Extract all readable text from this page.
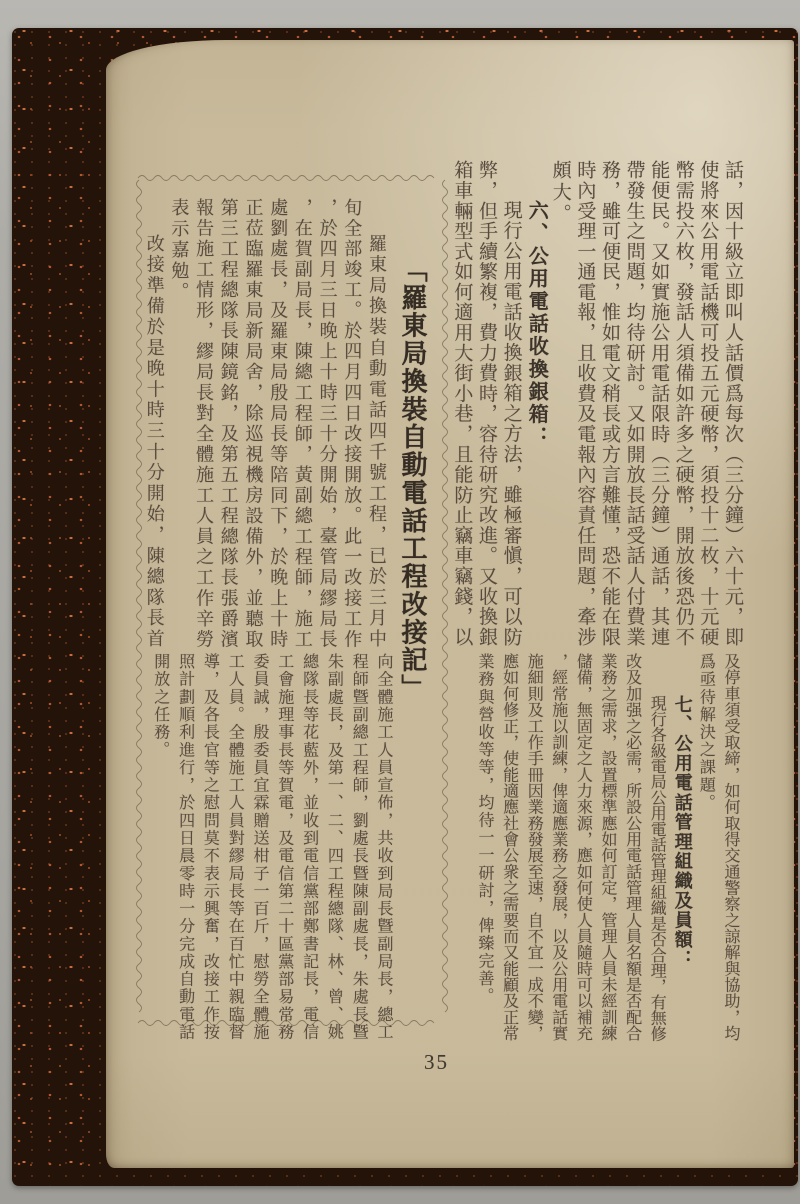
話，因十級立即叫人話價爲每次（三分鐘）六十元，即
使將來公用電話機可投五元硬幣，須投十二枚，十元硬
幣需投六枚，發話人須備如許多之硬幣，開放後恐仍不
能便民。又如實施公用電話限時（三分鐘）通話，其連
帶發生之問題，均待研討。又如開放長話受話人付費業
務，雖可便民，惟如電文稍長或方言難懂，恐不能在限
時內受理一通電報，且收費及電報內容責任問題，牽涉
頗大。
六、公用電話收換銀箱：
現行公用電話收換銀箱之方法，雖極審愼，可以防
弊，但手續繁複，費力費時，容待研究改進。又收換銀
箱車輛型式如何適用大街小巷，且能防止竊車竊錢，以
及停車須受取締，如何取得交通警察之諒解與協助，均
爲亟待解決之課題。
七、公用電話管理組織及員額：
現行各級電局公用電話管理組織是否合理，有無修
改及加强之必需，所設公用電話管理人員名額是否配合
業務之需求，設置標準應如何訂定，管理人員未經訓練
儲備，無固定之人力來源，應如何使人員隨時可以補充
，經常施以訓練，俾適應業務之發展，以及公用電話實
施細則及工作手冊因業務發展至速，自不宜一成不變，
應如何修正，使能適應社會公衆之需要而又能顧及正常
業務與營收等等，均待一一研討，俾臻完善。
「羅東局換裝自動電話工程改接記」
羅東局換裝自動電話四千號工程，已於三月中
旬全部竣工。於四月四日改接開放。此一改接工作
，於四月三日晚上十時三十分開始，臺管局繆局長
，在賀副局長，陳總工程師，黃副總工程師，施工
處劉處長，及羅東局殷局長等陪同下，於晚上十時
正莅臨羅東局新局舍，除巡視機房設備外，並聽取
第三工程總隊長陳鏡銘，及第五工程總隊長張爵濱
報告施工情形，繆局長對全體施工人員之工作辛勞
表示嘉勉。
改接準備於是晚十時三十分開始，陳總隊長首
向全體施工人員宣佈，共收到局長曁副局長，總工
程師曁副總工程師，劉處長曁陳副處長，朱處長曁
朱副處長，及第一、二、四工程總隊、林、曾、姚
總隊長等花藍外，並收到電信黨部鄭書記長，電信
工會施理事長等賀電，及電信第二十區黨部易常務
委員誠，殷委員宜霖贈送柑子一百斤，慰勞全體施
工人員。全體施工人員對繆局長等在百忙中親臨督
導，及各長官等之慰問莫不表示興奮，改接工作按
照計劃順利進行，於四日晨零時一分完成自動電話
開放之任務。
35
